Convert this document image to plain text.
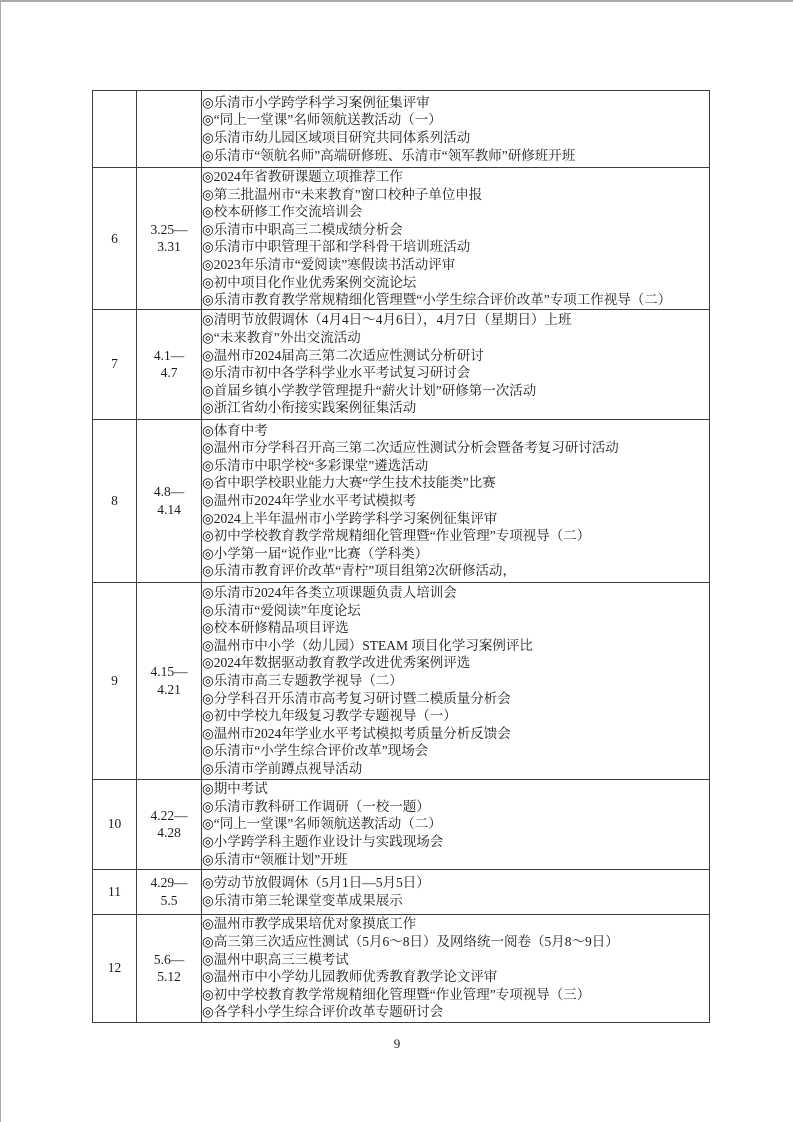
		◎乐清市小学跨学科学习案例征集评审
◎“同上一堂课”名师领航送教活动（一）
◎乐清市幼儿园区域项目研究共同体系列活动
◎乐清市“领航名师”高端研修班、乐清市“领军教师”研修班开班

6	
3.25—
3.31

◎2024年省教研课题立项推荐工作
◎第三批温州市“未来教育”窗口校种子单位申报
◎校本研修工作交流培训会
◎乐清市中职高三二模成绩分析会
◎乐清市中职管理干部和学科骨干培训班活动
◎2023年乐清市“爱阅读”寒假读书活动评审
◎初中项目化作业优秀案例交流论坛
◎乐清市教育教学常规精细化管理暨“小学生综合评价改革”专项工作视导（二）

7	
4.1—
4.7

◎清明节放假调休（4月4日～4月6日），4月7日（星期日）上班
◎“未来教育”外出交流活动
◎温州市2024届高三第二次适应性测试分析研讨
◎乐清市初中各学科学业水平考试复习研讨会
◎首届乡镇小学教学管理提升“薪火计划”研修第一次活动
◎浙江省幼小衔接实践案例征集活动

8	
4.8—
4.14

◎体育中考
◎温州市分学科召开高三第二次适应性测试分析会暨备考复习研讨活动
◎乐清市中职学校“多彩课堂”遴选活动
◎省中职学校职业能力大赛“学生技术技能类”比赛
◎温州市2024年学业水平考试模拟考
◎2024上半年温州市小学跨学科学习案例征集评审
◎初中学校教育教学常规精细化管理暨“作业管理”专项视导（二）
◎小学第一届“说作业”比赛（学科类）
◎乐清市教育评价改革“青柠”项目组第2次研修活动，

9	
4.15—
4.21

◎乐清市2024年各类立项课题负责人培训会
◎乐清市“爱阅读”年度论坛
◎校本研修精品项目评选
◎温州市中小学（幼儿园）STEAM 项目化学习案例评比
◎2024年数据驱动教育教学改进优秀案例评选
◎乐清市高三专题教学视导（二）
◎分学科召开乐清市高考复习研讨暨二模质量分析会
◎初中学校九年级复习教学专题视导（一）
◎温州市2024年学业水平考试模拟考质量分析反馈会
◎乐清市“小学生综合评价改革”现场会
◎乐清市学前蹲点视导活动

10	
4.22—
4.28

◎期中考试
◎乐清市教科研工作调研（一校一题）
◎“同上一堂课”名师领航送教活动（二）
◎小学跨学科主题作业设计与实践现场会
◎乐清市“领雁计划”开班

11	
4.29—
5.5

◎劳动节放假调休（5月1日—5月5日）
◎乐清市第三轮课堂变革成果展示

12	
5.6—
5.12

◎温州市教学成果培优对象摸底工作
◎高三第三次适应性测试（5月6～8日）及网络统一阅卷（5月8～9日）
◎温州中职高三三模考试
◎温州市中小学幼儿园教师优秀教育教学论文评审
◎初中学校教育教学常规精细化管理暨“作业管理”专项视导（三）
◎各学科小学生综合评价改革专题研讨会
9
